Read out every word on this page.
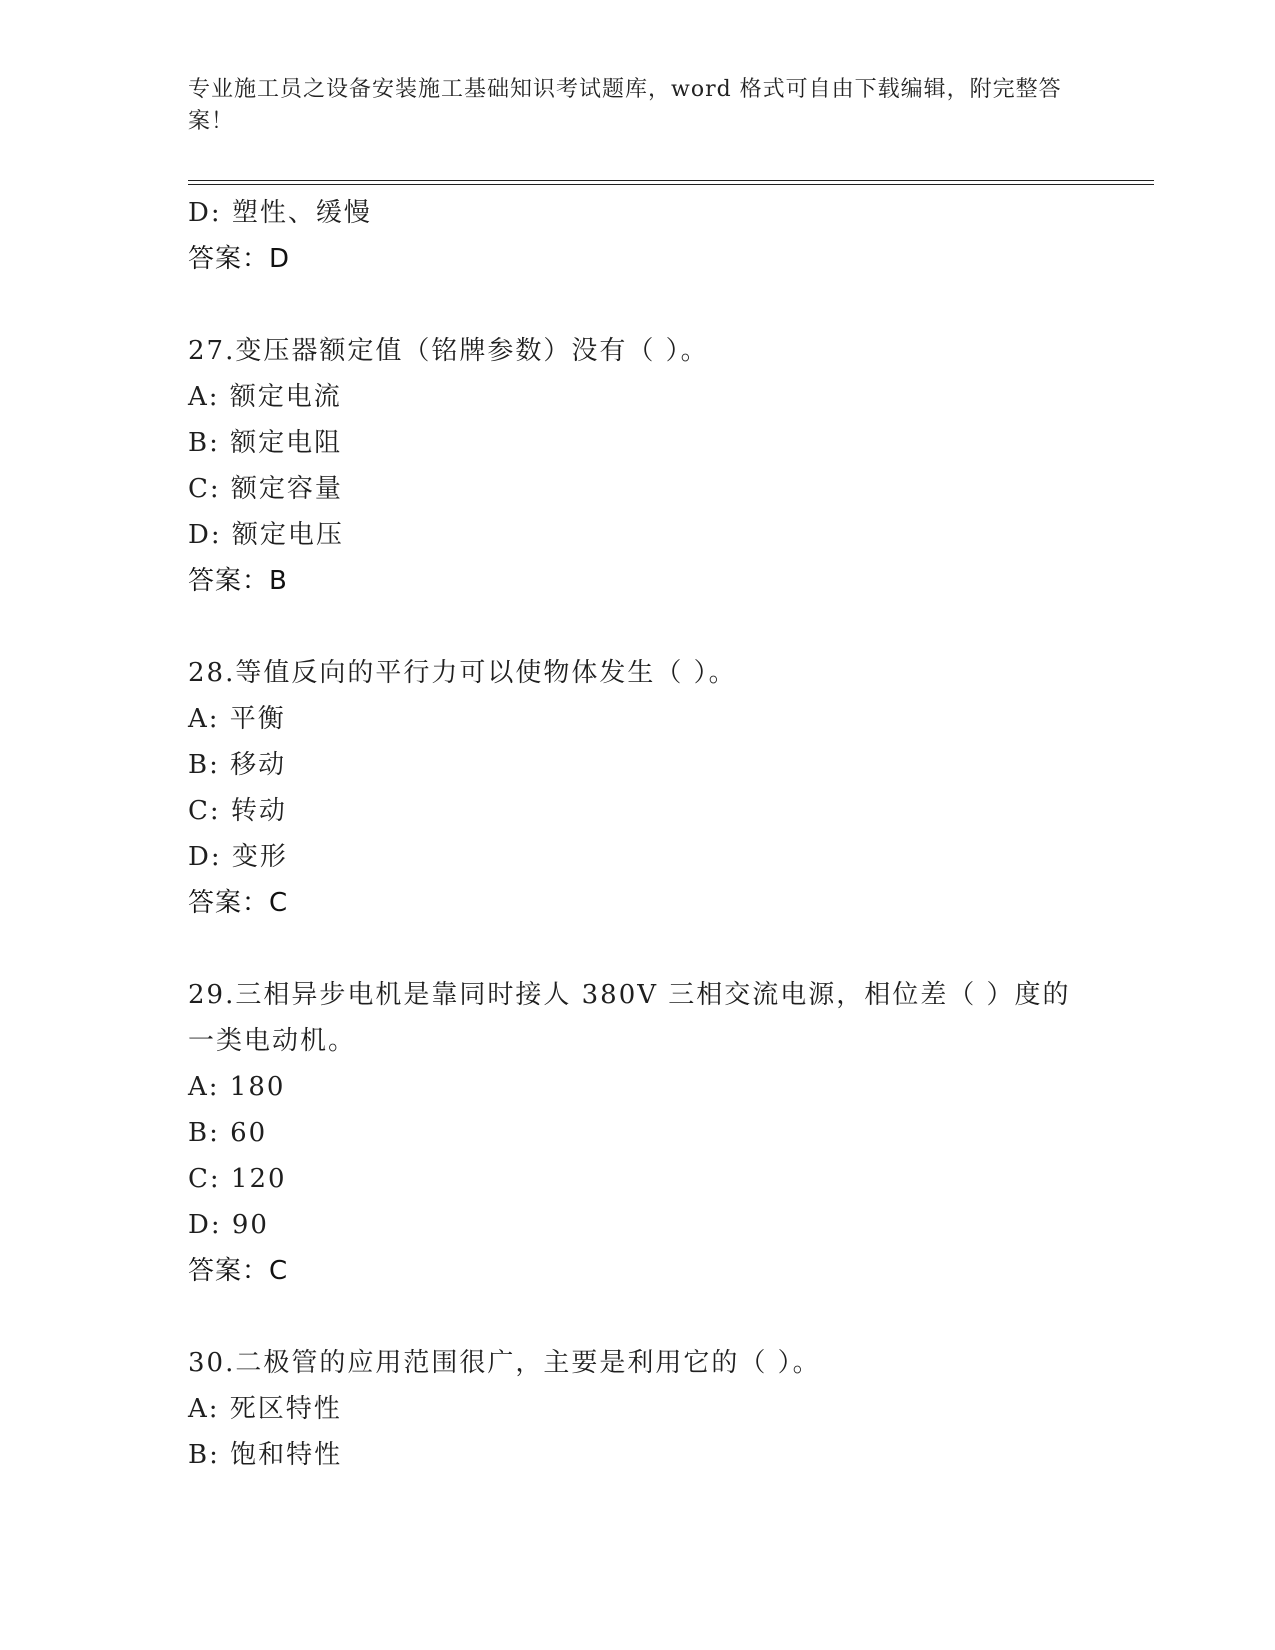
专业施工员之设备安装施工基础知识考试题库，word 格式可自由下载编辑，附完整答案！
D: 塑性、缓慢
答案：D
27.变压器额定值（铭牌参数）没有（ ）。
A: 额定电流
B: 额定电阻
C: 额定容量
D: 额定电压
答案：B
28.等值反向的平行力可以使物体发生（ ）。
A: 平衡
B: 移动
C: 转动
D: 变形
答案：C
29.三相异步电机是靠同时接人 380V 三相交流电源，相位差（ ）度的一类电动机。
A: 180
B: 60
C: 120
D: 90
答案：C
30.二极管的应用范围很广，主要是利用它的（ ）。
A: 死区特性
B: 饱和特性
